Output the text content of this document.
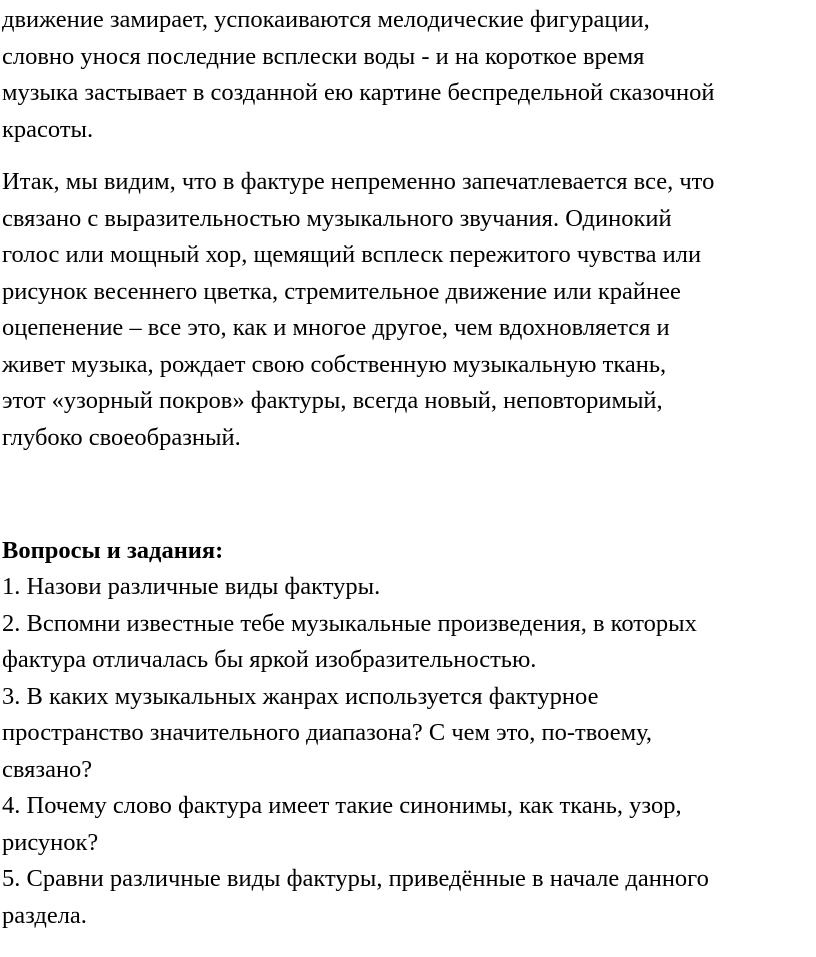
движение замирает, успокаиваются мелодические фигурации,
словно унося последние всплески воды - и на короткое время
музыка застывает в созданной ею картине беспредельной сказочной
красоты.

Итак, мы видим, что в фактуре непременно запечатлевается все, что
связано с выразительностью музыкального звучания. Одинокий
голос или мощный хор, щемящий всплеск пережитого чувства или
рисунок весеннего цветка, стремительное движение или крайнее
оцепенение – все это, как и многое другое, чем вдохновляется и
живет музыка, рождает свою собственную музыкальную ткань,
этот «узорный покров» фактуры, всегда новый, неповторимый,
глубоко своеобразный.

Вопросы и задания:

1. Назови различные виды фактуры.
2. Вспомни известные тебе музыкальные произведения, в которых
фактура отличалась бы яркой изобразительностью.
3. В каких музыкальных жанрах используется фактурное
пространство значительного диапазона? С чем это, по-твоему,
связано?
4. Почему слово фактура имеет такие синонимы, как ткань, узор,
рисунок?
5. Сравни различные виды фактуры, приведённые в начале данного
раздела.
